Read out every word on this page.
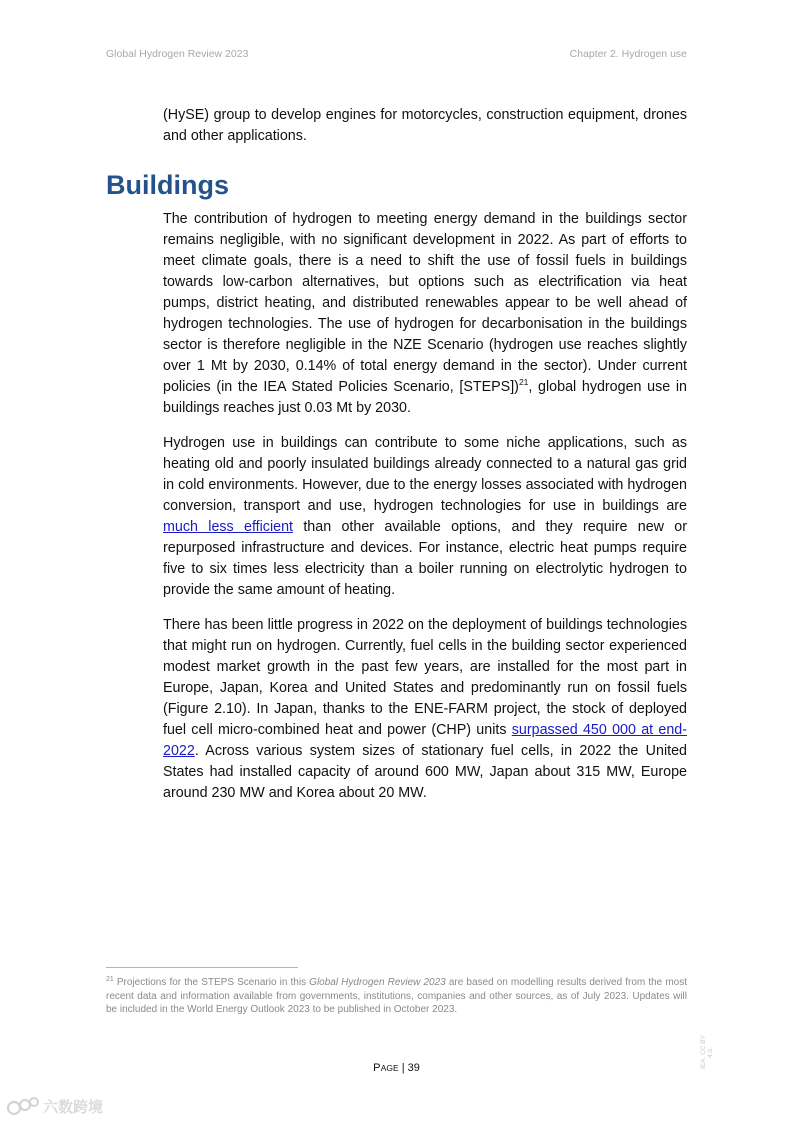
Global Hydrogen Review 2023	Chapter 2. Hydrogen use

(HySE) group to develop engines for motorcycles, construction equipment, drones and other applications.

Buildings

The contribution of hydrogen to meeting energy demand in the buildings sector remains negligible, with no significant development in 2022. As part of efforts to meet climate goals, there is a need to shift the use of fossil fuels in buildings towards low-carbon alternatives, but options such as electrification via heat pumps, district heating, and distributed renewables appear to be well ahead of hydrogen technologies. The use of hydrogen for decarbonisation in the buildings sector is therefore negligible in the NZE Scenario (hydrogen use reaches slightly over 1 Mt by 2030, 0.14% of total energy demand in the sector). Under current policies (in the IEA Stated Policies Scenario, [STEPS])$^{21}$, global hydrogen use in buildings reaches just 0.03 Mt by 2030.

Hydrogen use in buildings can contribute to some niche applications, such as heating old and poorly insulated buildings already connected to a natural gas grid in cold environments. However, due to the energy losses associated with hydrogen conversion, transport and use, hydrogen technologies for use in buildings are much less efficient than other available options, and they require new or repurposed infrastructure and devices. For instance, electric heat pumps require five to six times less electricity than a boiler running on electrolytic hydrogen to provide the same amount of heating.

There has been little progress in 2022 on the deployment of buildings technologies that might run on hydrogen. Currently, fuel cells in the building sector experienced modest market growth in the past few years, are installed for the most part in Europe, Japan, Korea and United States and predominantly run on fossil fuels (Figure 2.10). In Japan, thanks to the ENE-FARM project, the stock of deployed fuel cell micro-combined heat and power (CHP) units surpassed 450 000 at end-2022. Across various system sizes of stationary fuel cells, in 2022 the United States had installed capacity of around 600 MW, Japan about 315 MW, Europe around 230 MW and Korea about 20 MW.

$^{21}$ Projections for the STEPS Scenario in this Global Hydrogen Review 2023 are based on modelling results derived from the most recent data and information available from governments, institutions, companies and other sources, as of July 2023. Updates will be included in the World Energy Outlook 2023 to be published in October 2023.
PAGE | 39	IEA. CC BY 4.0.
六数跨境
